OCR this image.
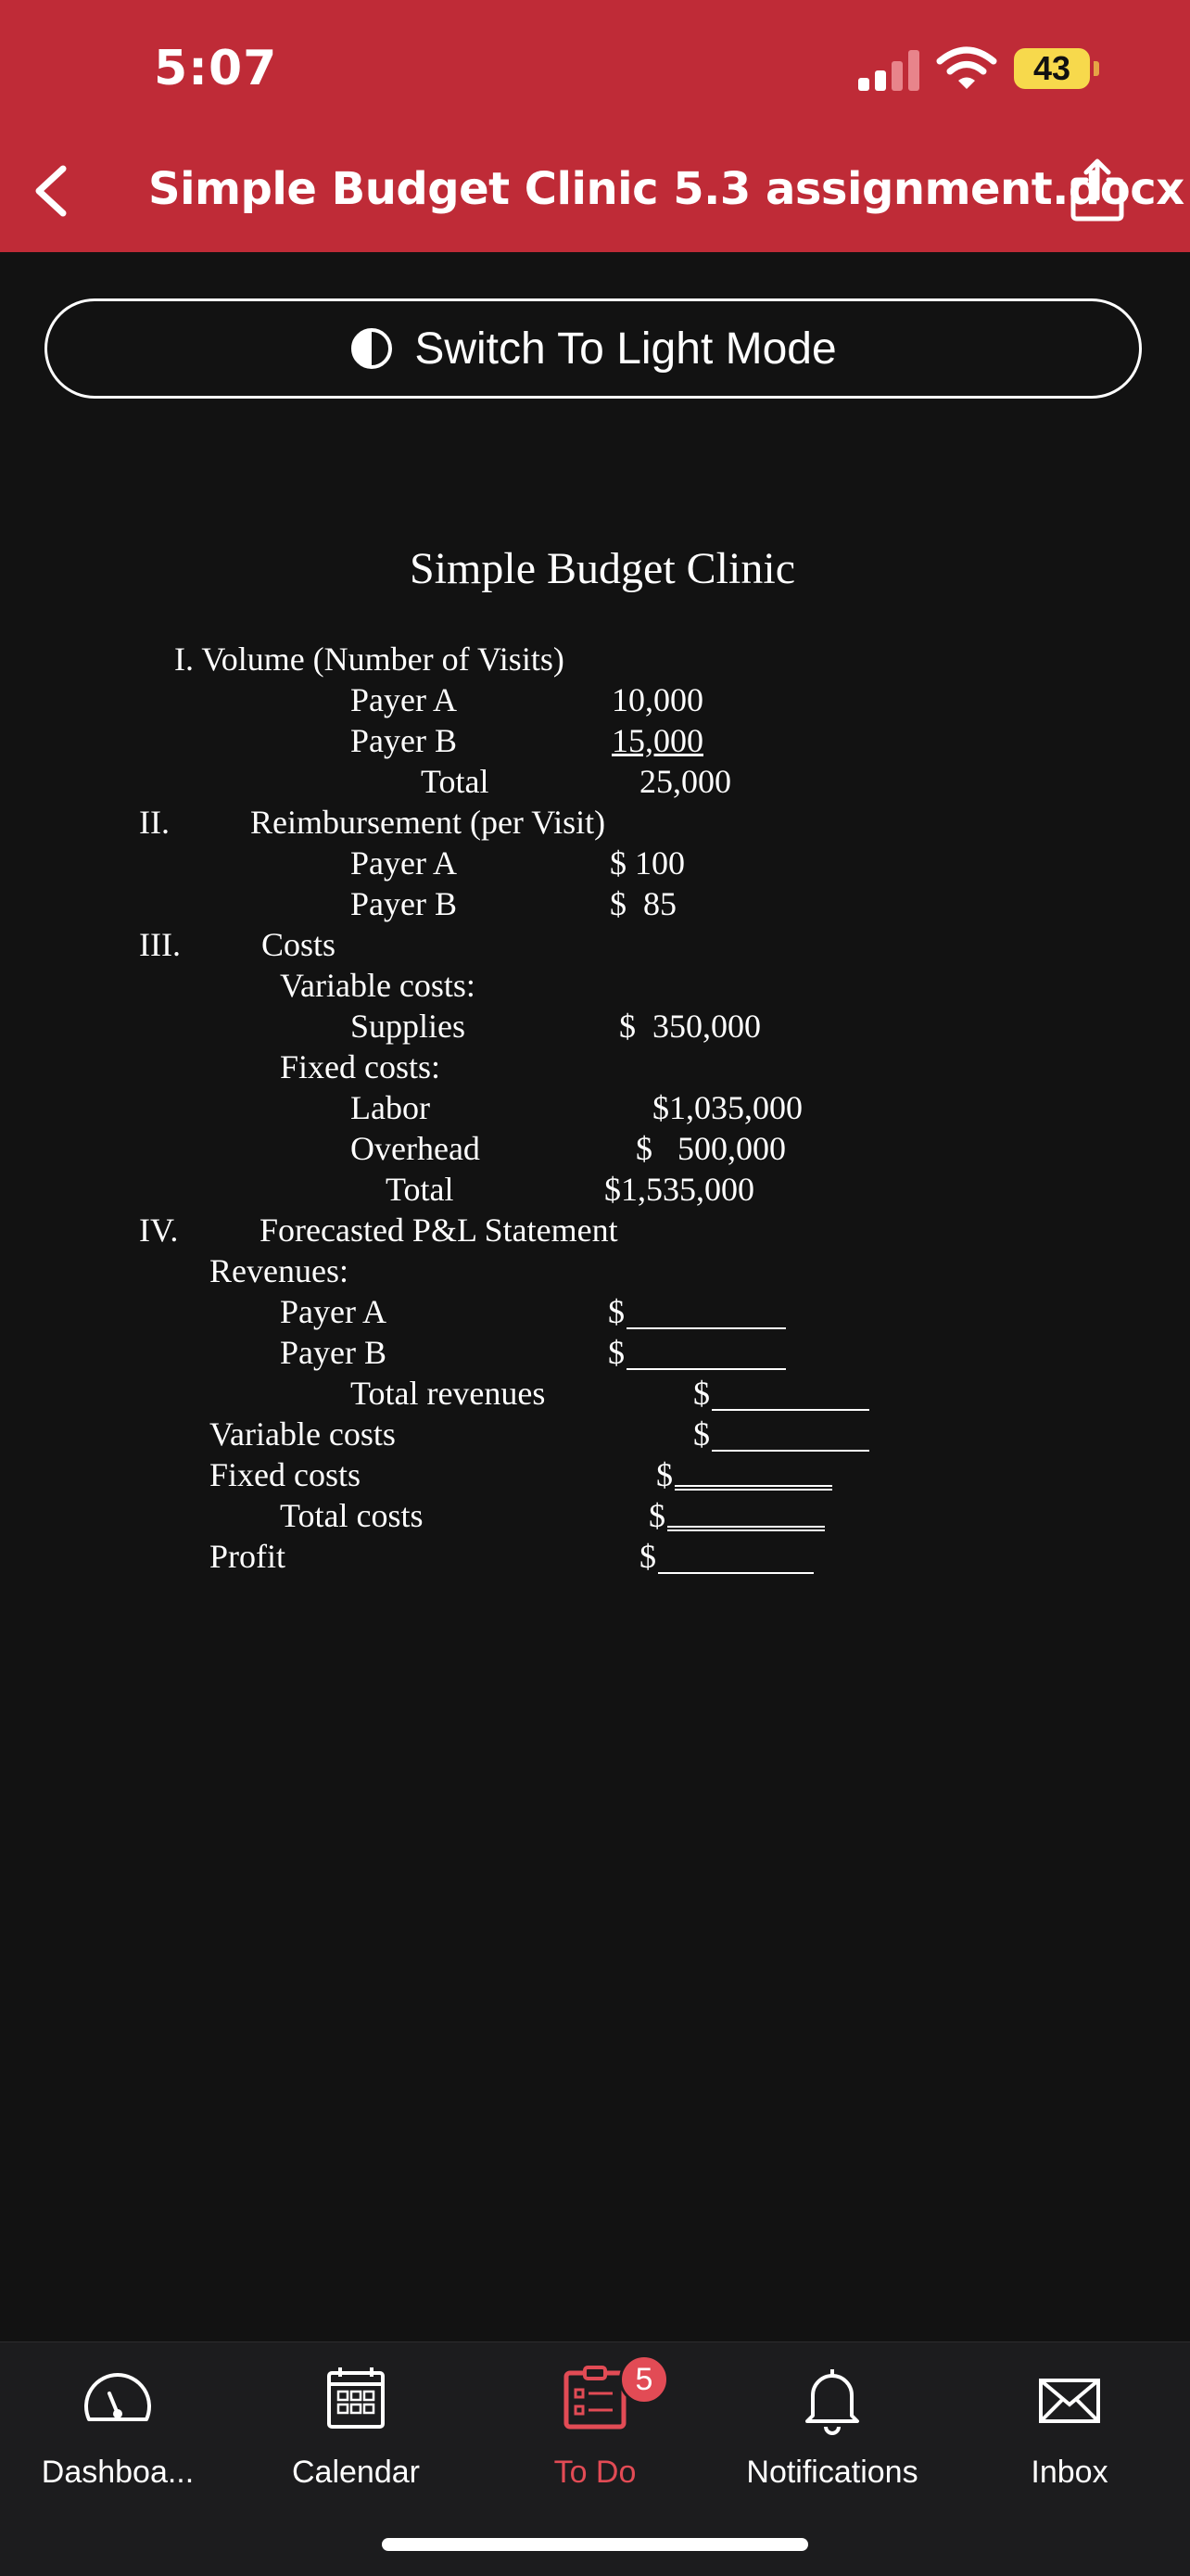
5:07	43
Simple Budget Clinic 5.3 assignment.docx
Switch To Light Mode
Simple Budget Clinic
I. Volume (Number of Visits)
Payer A	10,000
Payer B	15,000
Total	25,000
II. Reimbursement (per Visit)
Payer A	$ 100
Payer B	$  85
III. Costs
Variable costs:
Supplies	$  350,000
Fixed costs:
Labor	$1,035,000
Overhead	$   500,000
Total	$1,535,000
IV. Forecasted P&L Statement
Revenues:
Payer A	$
Payer B	$
Total revenues	$
Variable costs	$
Fixed costs	$
Total costs	$
Profit	$
Dashboa...	Calendar	To Do
5
Notifications	Inbox
